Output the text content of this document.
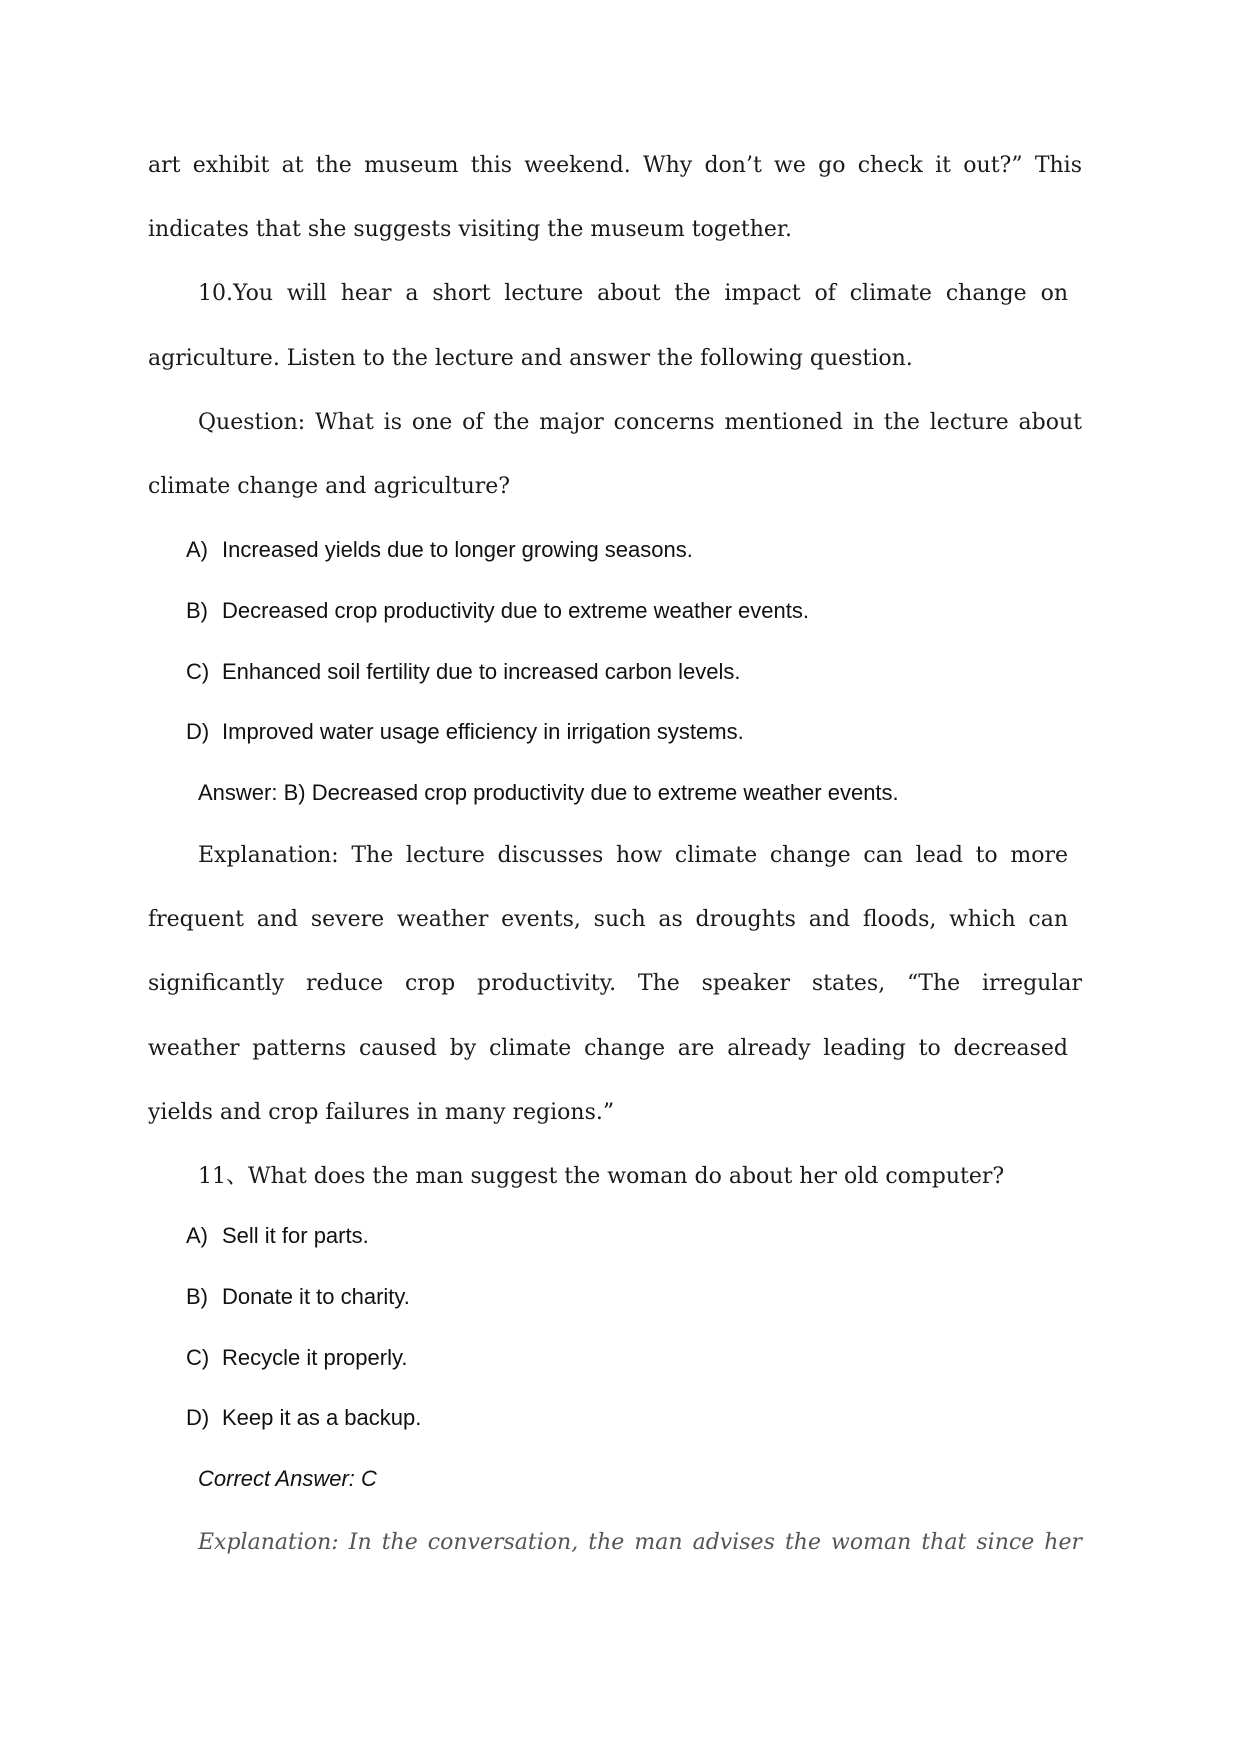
art exhibit at the museum this weekend. Why don’t we go check it out?” This
indicates that she suggests visiting the museum together.
10.You will hear a short lecture about the impact of climate change on
agriculture. Listen to the lecture and answer the following question.
Question: What is one of the major concerns mentioned in the lecture about
climate change and agriculture?
A) Increased yields due to longer growing seasons.
B) Decreased crop productivity due to extreme weather events.
C) Enhanced soil fertility due to increased carbon levels.
D) Improved water usage efficiency in irrigation systems.
Answer: B) Decreased crop productivity due to extreme weather events.
Explanation: The lecture discusses how climate change can lead to more
frequent and severe weather events, such as droughts and floods, which can
significantly reduce crop productivity. The speaker states, “The irregular
weather patterns caused by climate change are already leading to decreased
yields and crop failures in many regions.”
11、What does the man suggest the woman do about her old computer?
A) Sell it for parts.
B) Donate it to charity.
C) Recycle it properly.
D) Keep it as a backup.
Correct Answer: C
Explanation: In the conversation, the man advises the woman that since her
